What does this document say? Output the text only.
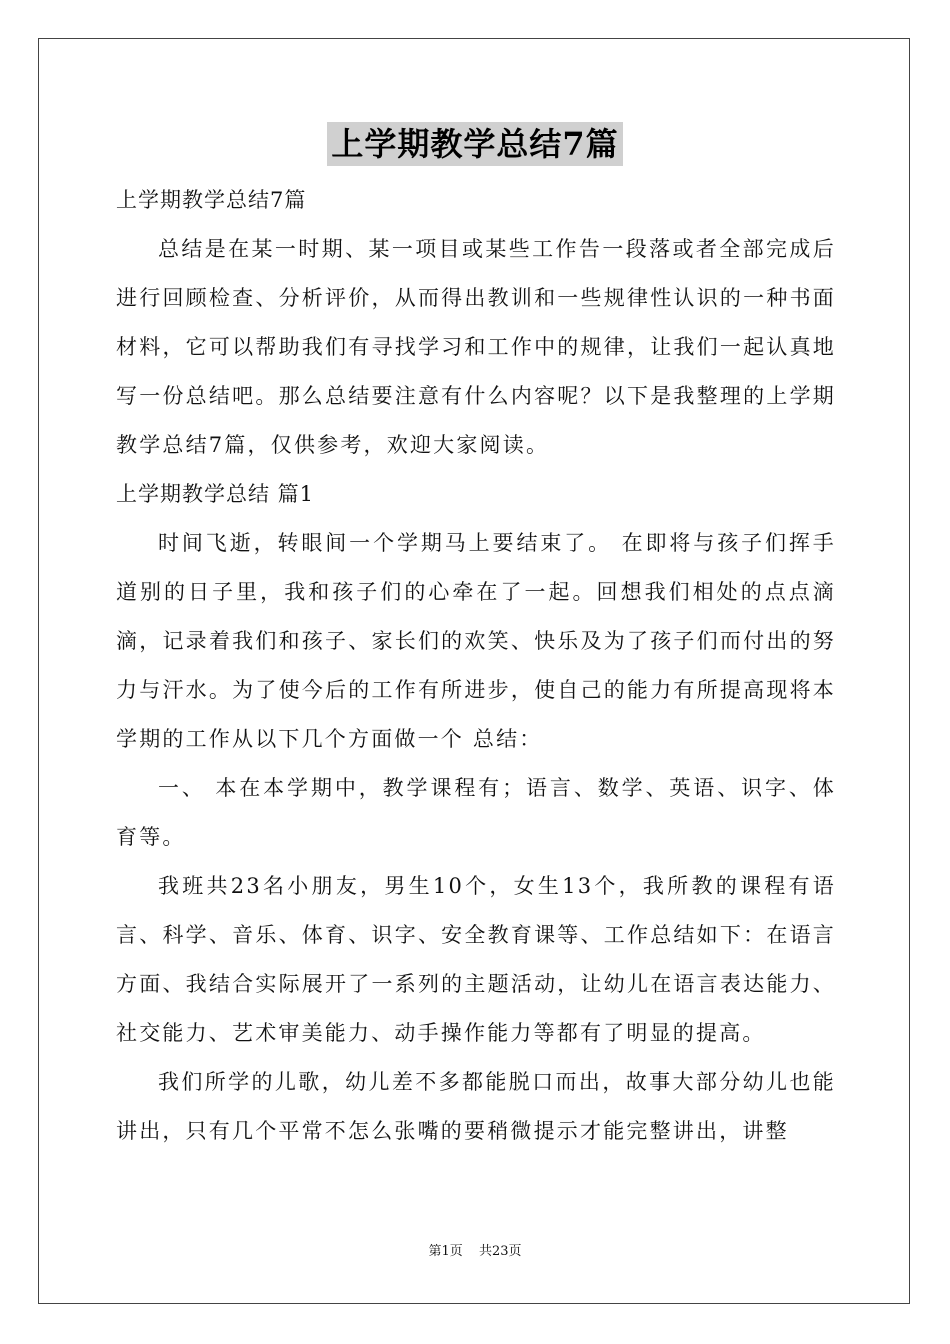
上学期教学总结7篇

上学期教学总结7篇

总结是在某一时期、某一项目或某些工作告一段落或者全部完成后进行回顾检查、分析评价，从而得出教训和一些规律性认识的一种书面材料，它可以帮助我们有寻找学习和工作中的规律，让我们一起认真地写一份总结吧。那么总结要注意有什么内容呢？以下是我整理的上学期教学总结7篇，仅供参考，欢迎大家阅读。

上学期教学总结 篇1

时间飞逝，转眼间一个学期马上要结束了。 在即将与孩子们挥手道别的日子里，我和孩子们的心牵在了一起。回想我们相处的点点滴滴，记录着我们和孩子、家长们的欢笑、快乐及为了孩子们而付出的努力与汗水。为了使今后的工作有所进步，使自己的能力有所提高现将本学期的工作从以下几个方面做一个 总结：

一、 本在本学期中，教学课程有；语言、数学、英语、识字、体育等。

我班共23名小朋友，男生10个，女生13个，我所教的课程有语言、科学、音乐、体育、识字、安全教育课等、工作总结如下：在语言方面、我结合实际展开了一系列的主题活动，让幼儿在语言表达能力、社交能力、艺术审美能力、动手操作能力等都有了明显的提高。

我们所学的儿歌，幼儿差不多都能脱口而出，故事大部分幼儿也能讲出，只有几个平常不怎么张嘴的要稍微提示才能完整讲出，讲整

第1页 共23页
